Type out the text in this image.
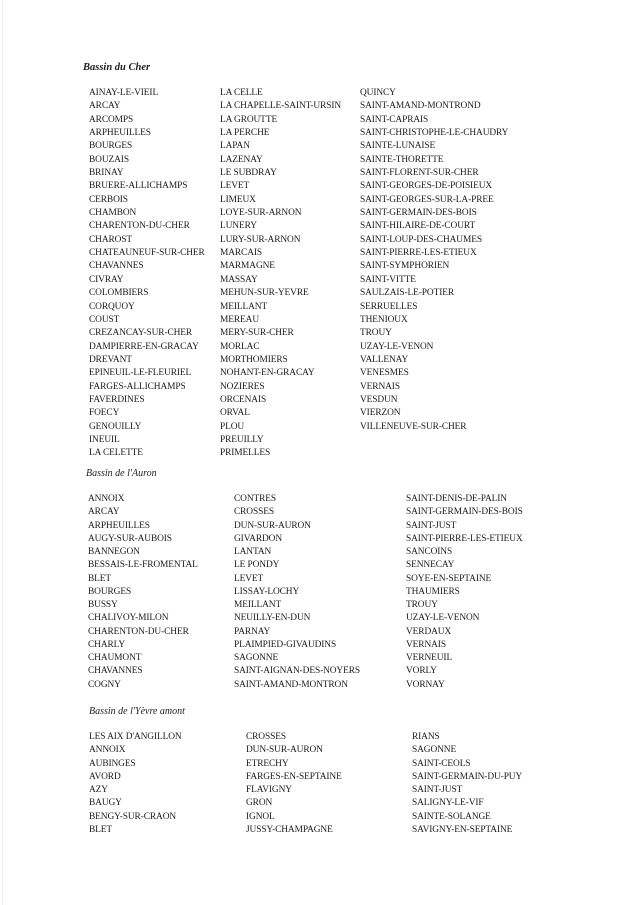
Bassin du Cher
AINAY-LE-VIEIL
ARCAY
ARCOMPS
ARPHEUILLES
BOURGES
BOUZAIS
BRINAY
BRUERE-ALLICHAMPS
CERBOIS
CHAMBON
CHARENTON-DU-CHER
CHAROST
CHATEAUNEUF-SUR-CHER
CHAVANNES
CIVRAY
COLOMBIERS
CORQUOY
COUST
CREZANCAY-SUR-CHER
DAMPIERRE-EN-GRACAY
DREVANT
EPINEUIL-LE-FLEURIEL
FARGES-ALLICHAMPS
FAVERDINES
FOECY
GENOUILLY
INEUIL
LA CELETTE
LA CELLE
LA CHAPELLE-SAINT-URSIN
LA GROUTTE
LA PERCHE
LAPAN
LAZENAY
LE SUBDRAY
LEVET
LIMEUX
LOYE-SUR-ARNON
LUNERY
LURY-SUR-ARNON
MARCAIS
MARMAGNE
MASSAY
MEHUN-SUR-YEVRE
MEILLANT
MEREAU
MERY-SUR-CHER
MORLAC
MORTHOMIERS
NOHANT-EN-GRACAY
NOZIERES
ORCENAIS
ORVAL
PLOU
PREUILLY
PRIMELLES
QUINCY
SAINT-AMAND-MONTROND
SAINT-CAPRAIS
SAINT-CHRISTOPHE-LE-CHAUDRY
SAINTE-LUNAISE
SAINTE-THORETTE
SAINT-FLORENT-SUR-CHER
SAINT-GEORGES-DE-POISIEUX
SAINT-GEORGES-SUR-LA-PREE
SAINT-GERMAIN-DES-BOIS
SAINT-HILAIRE-DE-COURT
SAINT-LOUP-DES-CHAUMES
SAINT-PIERRE-LES-ETIEUX
SAINT-SYMPHORIEN
SAINT-VITTE
SAULZAIS-LE-POTIER
SERRUELLES
THENIOUX
TROUY
UZAY-LE-VENON
VALLENAY
VENESMES
VERNAIS
VESDUN
VIERZON
VILLENEUVE-SUR-CHER
Bassin de l'Auron
ANNOIX
ARCAY
ARPHEUILLES
AUGY-SUR-AUBOIS
BANNEGON
BESSAIS-LE-FROMENTAL
BLET
BOURGES
BUSSY
CHALIVOY-MILON
CHARENTON-DU-CHER
CHARLY
CHAUMONT
CHAVANNES
COGNY
CONTRES
CROSSES
DUN-SUR-AURON
GIVARDON
LANTAN
LE PONDY
LEVET
LISSAY-LOCHY
MEILLANT
NEUILLY-EN-DUN
PARNAY
PLAIMPIED-GIVAUDINS
SAGONNE
SAINT-AIGNAN-DES-NOYERS
SAINT-AMAND-MONTRON
SAINT-DENIS-DE-PALIN
SAINT-GERMAIN-DES-BOIS
SAINT-JUST
SAINT-PIERRE-LES-ETIEUX
SANCOINS
SENNECAY
SOYE-EN-SEPTAINE
THAUMIERS
TROUY
UZAY-LE-VENON
VERDAUX
VERNAIS
VERNEUIL
VORLY
VORNAY
Bassin de l'Yèvre amont
LES AIX D'ANGILLON
ANNOIX
AUBINGES
AVORD
AZY
BAUGY
BENGY-SUR-CRAON
BLET
CROSSES
DUN-SUR-AURON
ETRECHY
FARGES-EN-SEPTAINE
FLAVIGNY
GRON
IGNOL
JUSSY-CHAMPAGNE
RIANS
SAGONNE
SAINT-CEOLS
SAINT-GERMAIN-DU-PUY
SAINT-JUST
SALIGNY-LE-VIF
SAINTE-SOLANGE
SAVIGNY-EN-SEPTAINE
